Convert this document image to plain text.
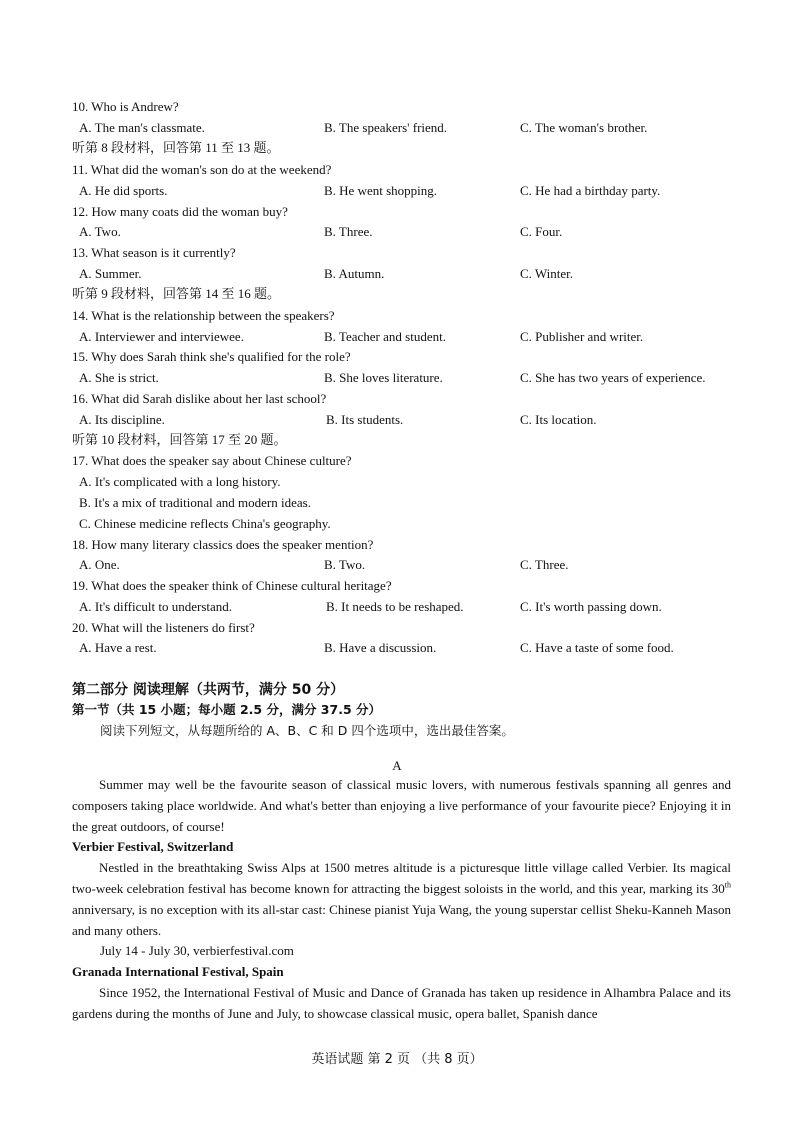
10. Who is Andrew?
A. The man's classmate.	B. The speakers' friend.	C. The woman's brother.
听第 8 段材料，回答第 11 至 13 题。
11. What did the woman's son do at the weekend?
A. He did sports.	B. He went shopping.	C. He had a birthday party.
12. How many coats did the woman buy?
A. Two.	B. Three.	C. Four.
13. What season is it currently?
A. Summer.	B. Autumn.	C. Winter.
听第 9 段材料，回答第 14 至 16 题。
14. What is the relationship between the speakers?
A. Interviewer and interviewee.	B. Teacher and student.	C. Publisher and writer.
15. Why does Sarah think she's qualified for the role?
A. She is strict.	B. She loves literature.	C. She has two years of experience.
16. What did Sarah dislike about her last school?
A. Its discipline.	B. Its students.	C. Its location.
听第 10 段材料，回答第 17 至 20 题。
17. What does the speaker say about Chinese culture?
A. It's complicated with a long history.
B. It's a mix of traditional and modern ideas.
C. Chinese medicine reflects China's geography.
18. How many literary classics does the speaker mention?
A. One.	B. Two.	C. Three.
19. What does the speaker think of Chinese cultural heritage?
A. It's difficult to understand.	B. It needs to be reshaped.	C. It's worth passing down.
20. What will the listeners do first?
A. Have a rest.	B. Have a discussion.	C. Have a taste of some food.
第二部分 阅读理解（共两节，满分 50 分）
第一节（共 15 小题；每小题 2.5 分，满分 37.5 分）
阅读下列短文，从每题所给的 A、B、C 和 D 四个选项中，选出最佳答案。
A

Summer may well be the favourite season of classical music lovers, with numerous festivals spanning all genres and composers taking place worldwide. And what's better than enjoying a live performance of your favourite piece? Enjoying it in the great outdoors, of course!

Verbier Festival, Switzerland

Nestled in the breathtaking Swiss Alps at 1500 metres altitude is a picturesque little village called Verbier. Its magical two-week celebration festival has become known for attracting the biggest soloists in the world, and this year, marking its 30th anniversary, is no exception with its all-star cast: Chinese pianist Yuja Wang, the young superstar cellist Sheku-Kanneh Mason and many others.

July 14 - July 30, verbierfestival.com
Granada International Festival, Spain

Since 1952, the International Festival of Music and Dance of Granada has taken up residence in Alhambra Palace and its gardens during the months of June and July, to showcase classical music, opera ballet, Spanish dance

英语试题 第 2 页 （共 8 页）
